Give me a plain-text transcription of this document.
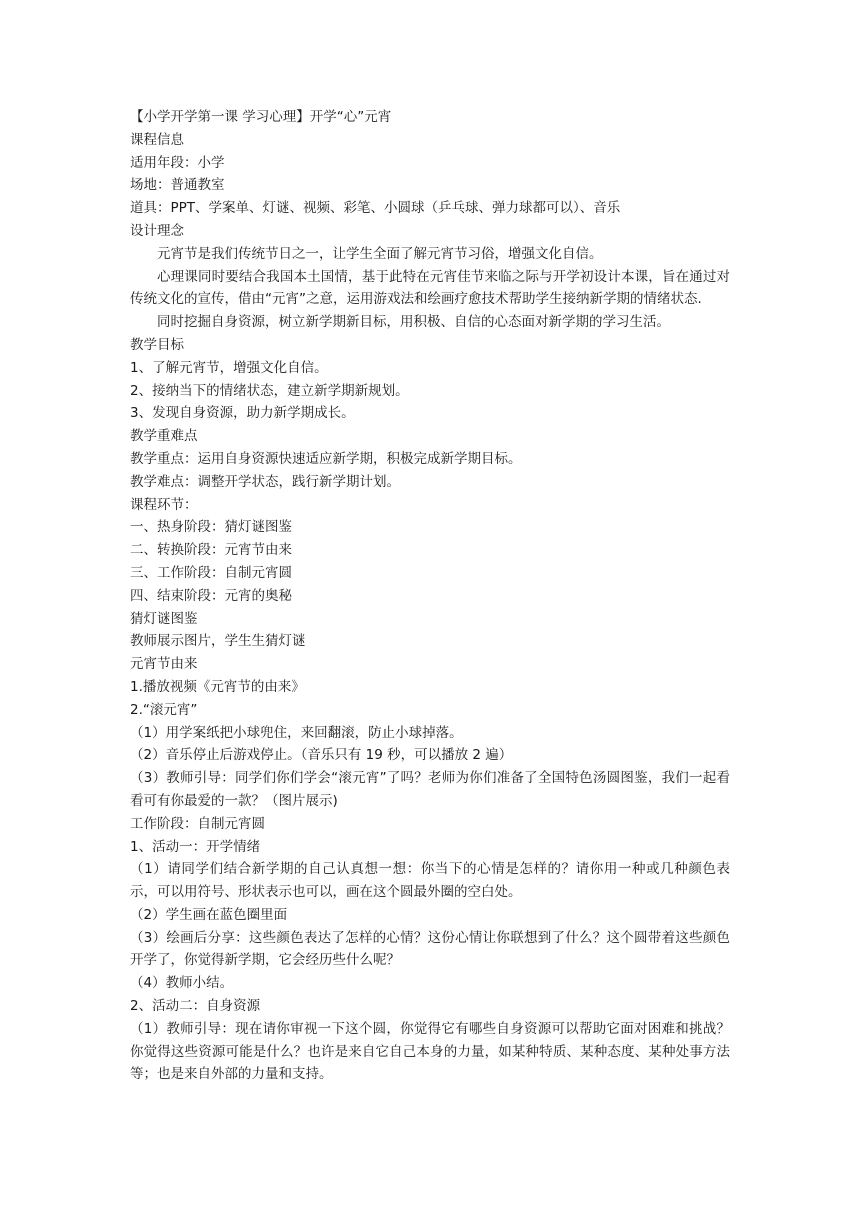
【小学开学第一课 学习心理】开学“心”元宵

课程信息

适用年段：小学

场地：普通教室

道具：PPT、学案单、灯谜、视频、彩笔、小圆球（乒乓球、弹力球都可以）、音乐

设计理念

元宵节是我们传统节日之一，让学生全面了解元宵节习俗，增强文化自信。

心理课同时要结合我国本土国情，基于此特在元宵佳节来临之际与开学初设计本课，旨在通过对传统文化的宣传，借由“元宵”之意，运用游戏法和绘画疗愈技术帮助学生接纳新学期的情绪状态.

同时挖掘自身资源，树立新学期新目标，用积极、自信的心态面对新学期的学习生活。

教学目标

1、了解元宵节，增强文化自信。

2、接纳当下的情绪状态，建立新学期新规划。

3、发现自身资源，助力新学期成长。

教学重难点

教学重点：运用自身资源快速适应新学期，积极完成新学期目标。

教学难点：调整开学状态，践行新学期计划。

课程环节：

一、热身阶段：猜灯谜图鉴

二、转换阶段：元宵节由来

三、工作阶段：自制元宵圆

四、结束阶段：元宵的奥秘

猜灯谜图鉴

教师展示图片，学生生猜灯谜

元宵节由来

1.播放视频《元宵节的由来》

2.“滚元宵”

（1）用学案纸把小球兜住，来回翻滚，防止小球掉落。

（2）音乐停止后游戏停止。（音乐只有 19 秒，可以播放 2 遍）

（3）教师引导：同学们你们学会“滚元宵”了吗？老师为你们准备了全国特色汤圆图鉴，我们一起看看可有你最爱的一款？（图片展示)

工作阶段：自制元宵圆

1、活动一：开学情绪

（1）请同学们结合新学期的自己认真想一想：你当下的心情是怎样的？请你用一种或几种颜色表示，可以用符号、形状表示也可以，画在这个圆最外圈的空白处。

（2）学生画在蓝色圈里面

（3）绘画后分享：这些颜色表达了怎样的心情？这份心情让你联想到了什么？这个圆带着这些颜色开学了，你觉得新学期，它会经历些什么呢？

（4）教师小结。

2、活动二：自身资源

（1）教师引导：现在请你审视一下这个圆，你觉得它有哪些自身资源可以帮助它面对困难和挑战？你觉得这些资源可能是什么？也许是来自它自己本身的力量，如某种特质、某种态度、某种处事方法等；也是来自外部的力量和支持。
